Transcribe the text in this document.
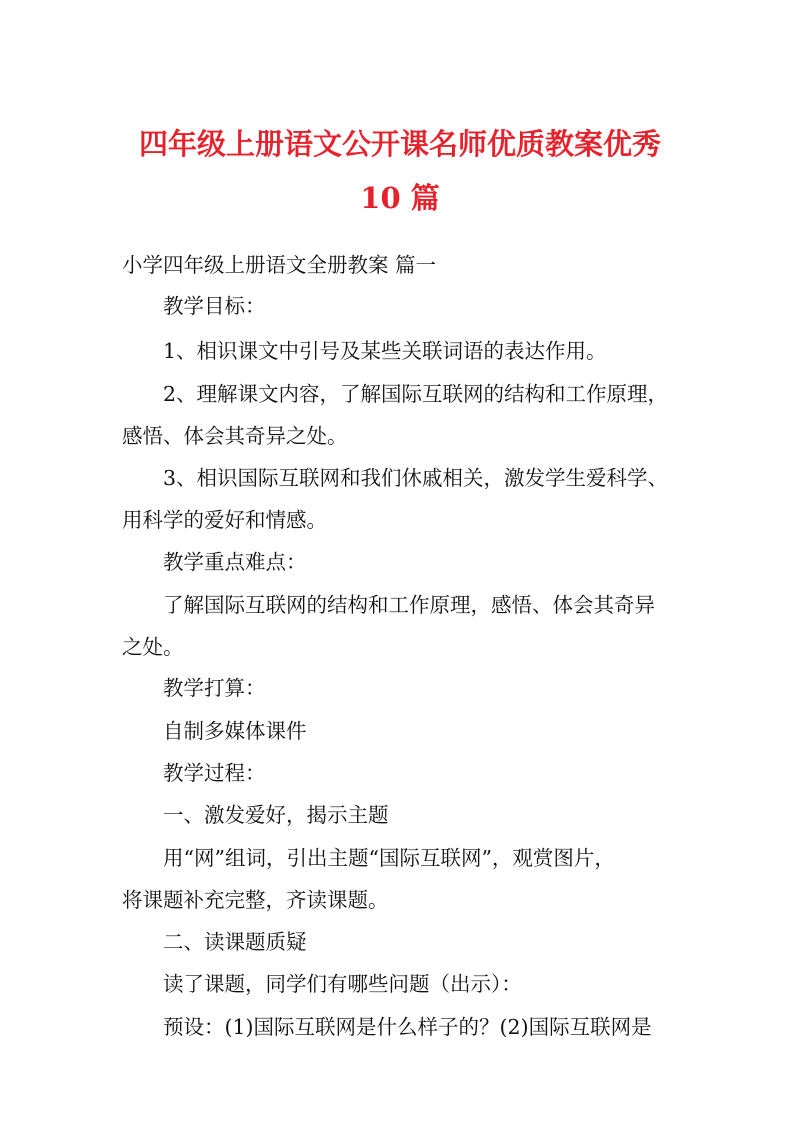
四年级上册语文公开课名师优质教案优秀
10 篇

小学四年级上册语文全册教案 篇一

教学目标：

1、相识课文中引号及某些关联词语的表达作用。

2、理解课文内容，了解国际互联网的结构和工作原理，

感悟、体会其奇异之处。

3、相识国际互联网和我们休戚相关，激发学生爱科学、

用科学的爱好和情感。

教学重点难点：

了解国际互联网的结构和工作原理，感悟、体会其奇异

之处。

教学打算：

自制多媒体课件

教学过程：

一、激发爱好，揭示主题

用“网”组词，引出主题“国际互联网”，观赏图片，

将课题补充完整，齐读课题。

二、读课题质疑

读了课题，同学们有哪些问题（出示）：

预设：(1)国际互联网是什么样子的？(2)国际互联网是
